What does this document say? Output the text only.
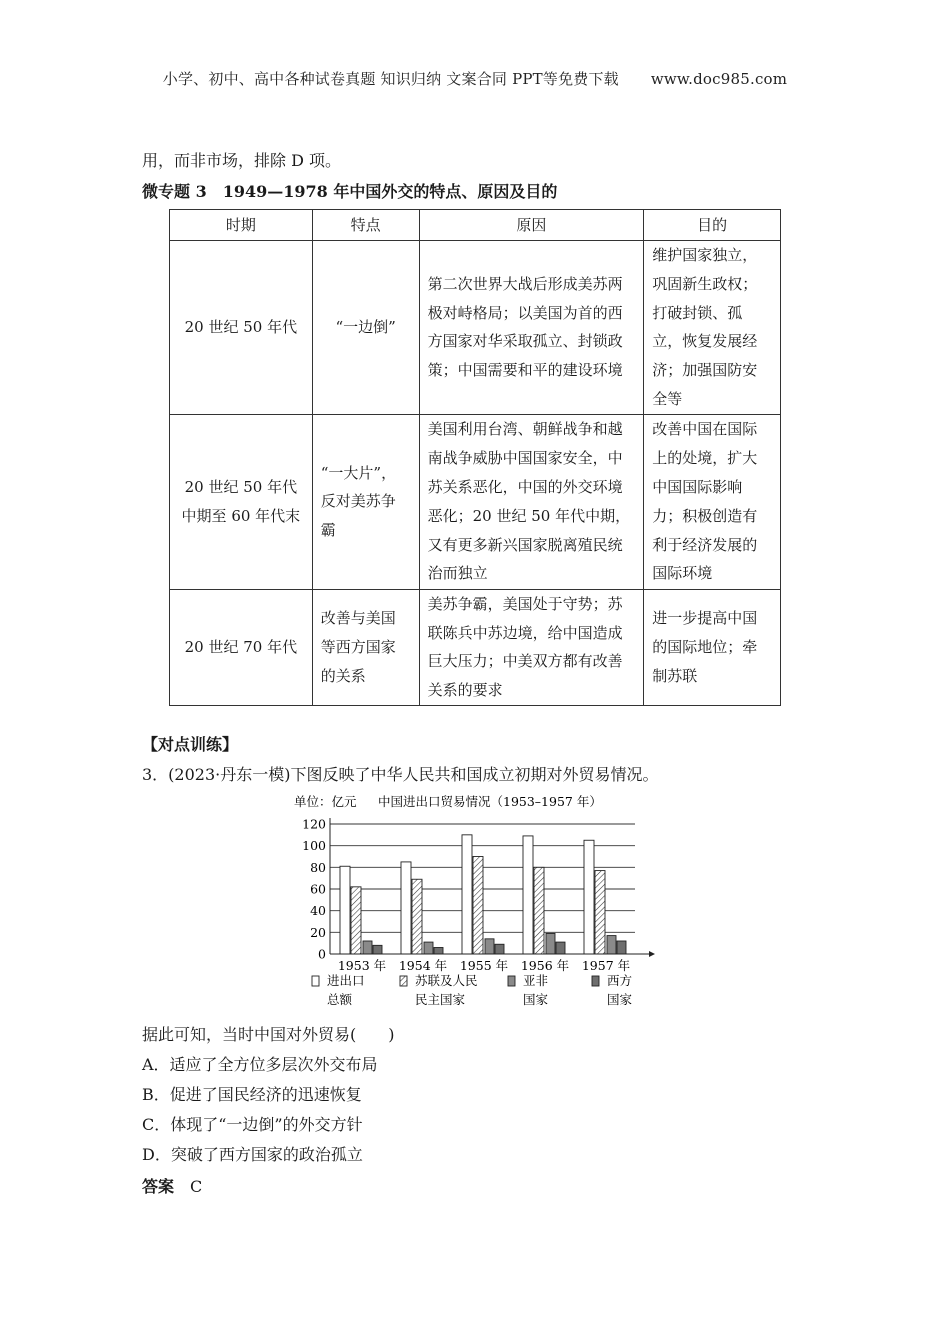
小学、初中、高中各种试卷真题 知识归纳 文案合同 PPT等免费下载 www.doc985.com
用，而非市场，排除 D 项。
微专题 3　1949—1978 年中国外交的特点、原因及目的
时期	特点	原因	目的
20 世纪 50 年代	“一边倒”	第二次世界大战后形成美苏两极对峙格局；以美国为首的西方国家对华采取孤立、封锁政策；中国需要和平的建设环境	维护国家独立，巩固新生政权；打破封锁、孤立，恢复发展经济；加强国防安全等
20 世纪 50 年代中期至 60 年代末	“一大片”，反对美苏争霸	美国利用台湾、朝鲜战争和越南战争威胁中国国家安全，中苏关系恶化，中国的外交环境恶化；20 世纪 50 年代中期，又有更多新兴国家脱离殖民统治而独立	改善中国在国际上的处境，扩大中国国际影响力；积极创造有利于经济发展的国际环境
20 世纪 70 年代	改善与美国等西方国家的关系	美苏争霸，美国处于守势；苏联陈兵中苏边境，给中国造成巨大压力；中美双方都有改善关系的要求	进一步提高中国的国际地位；牵制苏联
【对点训练】
3．(2023·丹东一模)下图反映了中华人民共和国成立初期对外贸易情况。
单位：亿元 中国进出口贸易情况（1953–1957 年）
0
20
40
60
80
100
120
1953 年 1954 年 1955 年 1956 年 1957 年
进出口
总额
苏联及人民
民主国家
亚非
国家
西方
国家
据此可知，当时中国对外贸易(　　)
A．适应了全方位多层次外交布局
B．促进了国民经济的迅速恢复
C．体现了“一边倒”的外交方针
D．突破了西方国家的政治孤立
答案 C
